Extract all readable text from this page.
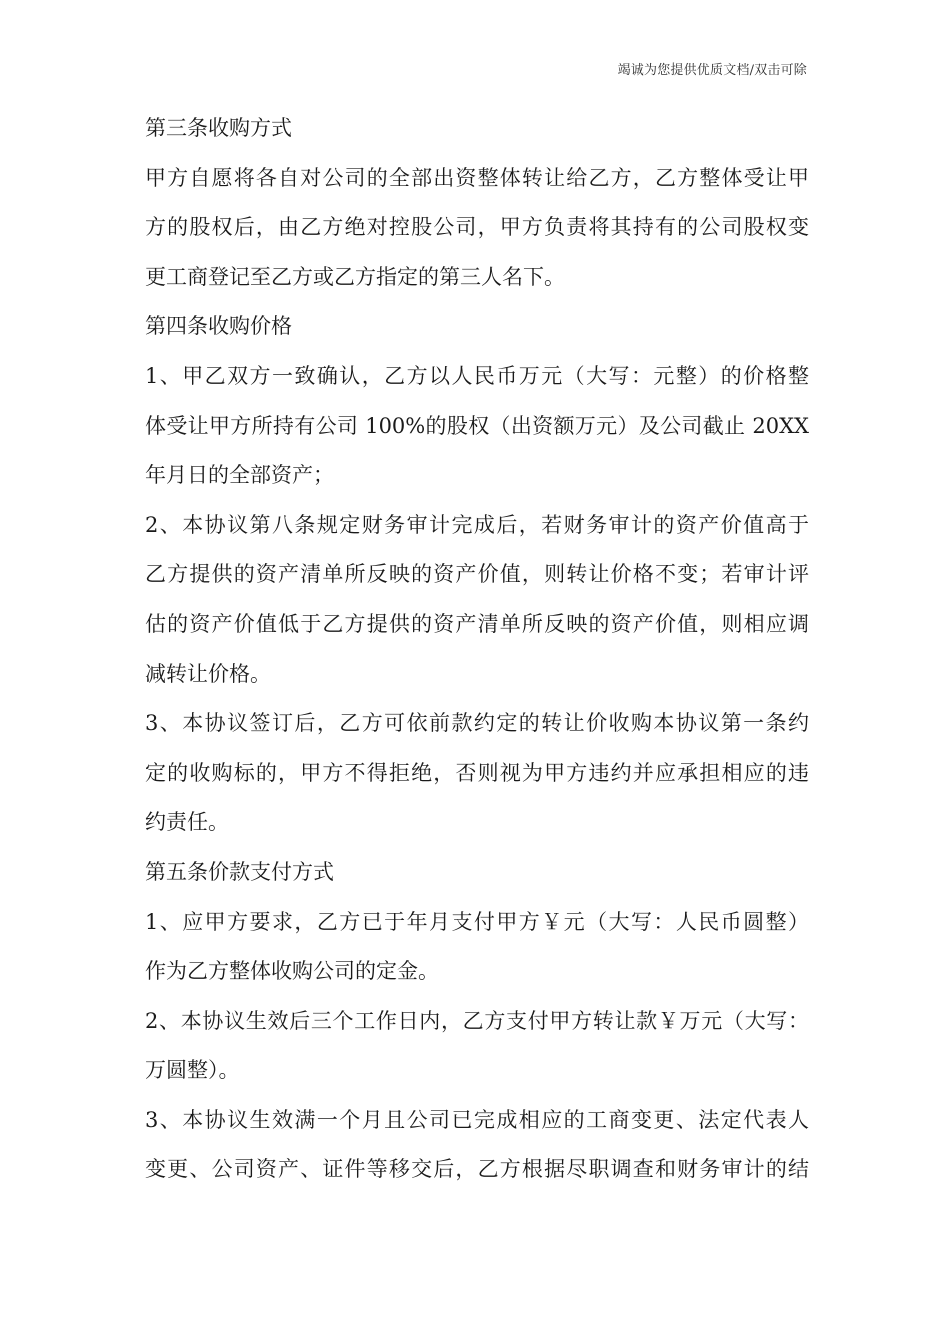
竭诚为您提供优质文档/双击可除
第三条收购方式
甲方自愿将各自对公司的全部出资整体转让给乙方，乙方整体受让甲
方的股权后，由乙方绝对控股公司，甲方负责将其持有的公司股权变
更工商登记至乙方或乙方指定的第三人名下。
第四条收购价格
1、甲乙双方一致确认，乙方以人民币万元（大写：元整）的价格整
体受让甲方所持有公司 100%的股权（出资额万元）及公司截止 20XX
年月日的全部资产；
2、本协议第八条规定财务审计完成后，若财务审计的资产价值高于
乙方提供的资产清单所反映的资产价值，则转让价格不变；若审计评
估的资产价值低于乙方提供的资产清单所反映的资产价值，则相应调
减转让价格。
3、本协议签订后，乙方可依前款约定的转让价收购本协议第一条约
定的收购标的，甲方不得拒绝，否则视为甲方违约并应承担相应的违
约责任。
第五条价款支付方式
1、应甲方要求，乙方已于年月支付甲方￥元（大写：人民币圆整）
作为乙方整体收购公司的定金。
2、本协议生效后三个工作日内，乙方支付甲方转让款￥万元（大写：
万圆整）。
3、本协议生效满一个月且公司已完成相应的工商变更、法定代表人
变更、公司资产、证件等移交后，乙方根据尽职调查和财务审计的结
